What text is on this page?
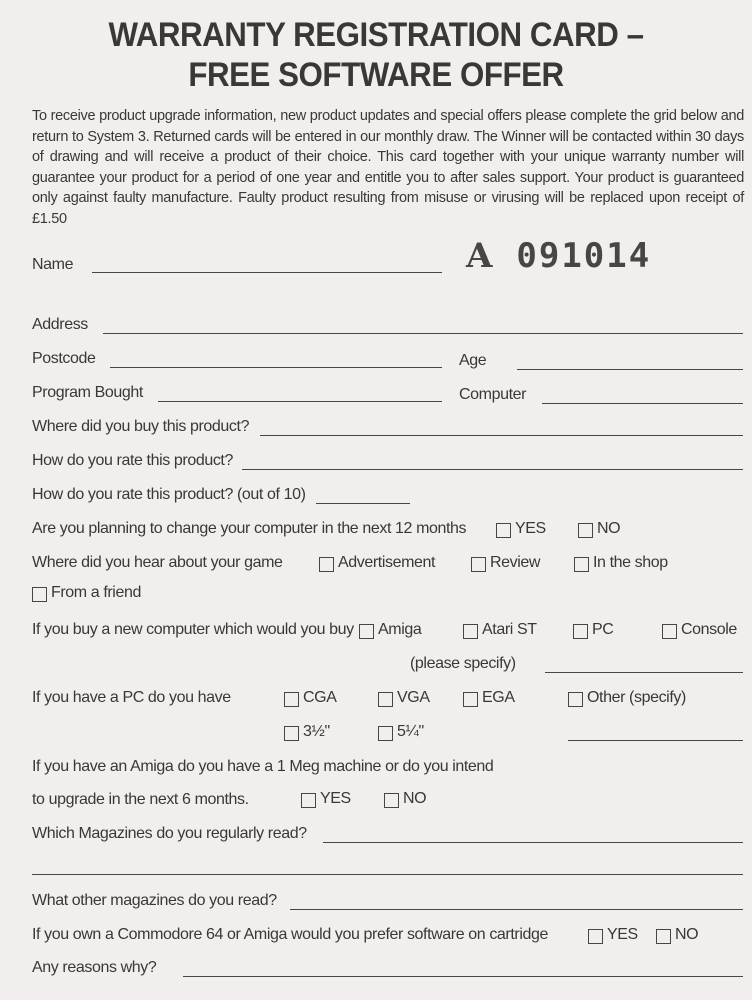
WARRANTY REGISTRATION CARD –
FREE SOFTWARE OFFER
To receive product upgrade information, new product updates and special offers please complete the grid below and return to System 3. Returned cards will be entered in our monthly draw. The Winner will be contacted within 30 days of drawing and will receive a product of their choice. This card together with your unique warranty number will guarantee your product for a period of one year and entitle you to after sales support. Your product is guaranteed only against faulty manufacture. Faulty product resulting from misuse or virusing will be replaced upon receipt of £1.50
Name	A 091014
Address
Postcode	Age
Program Bought	Computer
Where did you buy this product?
How do you rate this product?
How do you rate this product? (out of 10)
Are you planning to change your computer in the next 12 months	YES	NO
Where did you hear about your game	Advertisement	Review	In the shop
From a friend
If you buy a new computer which would you buy Amiga	Atari ST	PC	Console
(please specify)
If you have a PC do you have	CGA	VGA	EGA	Other (specify)
3½"	5¼"
If you have an Amiga do you have a 1 Meg machine or do you intend
to upgrade in the next 6 months.	YES	NO
Which Magazines do you regularly read?
What other magazines do you read?
If you own a Commodore 64 or Amiga would you prefer software on cartridge	YES NO
Any reasons why?
